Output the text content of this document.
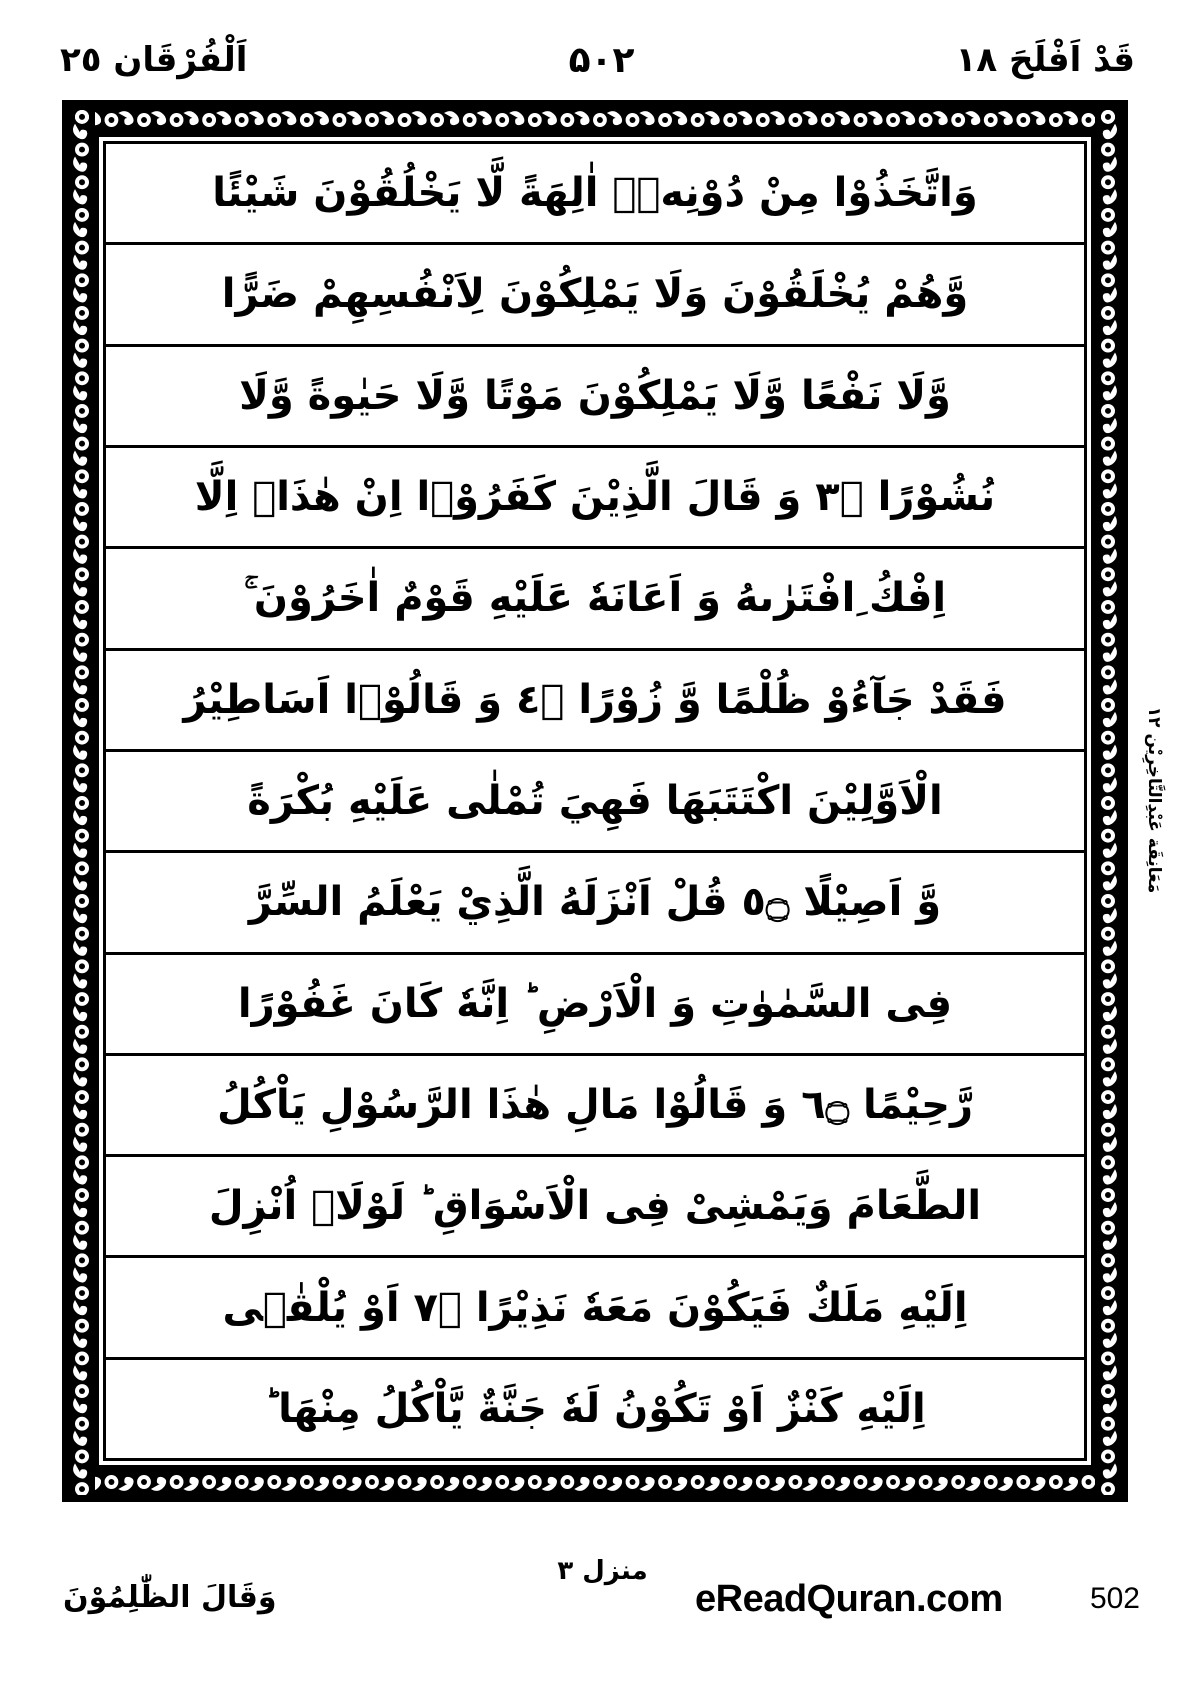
قَدْ اَفْلَحَ ١٨
۵۰۲
اَلْفُرْقَان ٢٥
وَاتَّخَذُوْا مِنْ دُوْنِهٖۤ اٰلِهَةً لَّا يَخْلُقُوْنَ شَيْئًا
وَّهُمْ يُخْلَقُوْنَ وَلَا يَمْلِكُوْنَ لِاَنْفُسِهِمْ ضَرًّا
وَّلَا نَفْعًا وَّلَا يَمْلِكُوْنَ مَوْتًا وَّلَا حَيٰوةً وَّلَا
نُشُوْرًا ۝٣ وَ قَالَ الَّذِيْنَ كَفَرُوْۤا اِنْ هٰذَاۤ اِلَّا
اِفْكُ ِافْتَرٰىهُ وَ اَعَانَهٗ عَلَيْهِ قَوْمٌ اٰخَرُوْنَ ۚ
فَقَدْ جَآءُوْ ظُلْمًا وَّ زُوْرًا ۝٤ وَ قَالُوْۤا اَسَاطِيْرُ
الْاَوَّلِيْنَ اكْتَتَبَهَا فَهِيَ تُمْلٰى عَلَيْهِ بُكْرَةً
وَّ اَصِيْلًا ۝٥ قُلْ اَنْزَلَهُ الَّذِيْ يَعْلَمُ السِّرَّ
فِى السَّمٰوٰتِ وَ الْاَرْضِ ؕ اِنَّهٗ كَانَ غَفُوْرًا
رَّحِيْمًا ۝٦ وَ قَالُوْا مَالِ هٰذَا الرَّسُوْلِ يَاْكُلُ
الطَّعَامَ وَيَمْشِىْ فِى الْاَسْوَاقِ ؕ لَوْلَاۤ اُنْزِلَ
اِلَيْهِ مَلَكٌ فَيَكُوْنَ مَعَهٗ نَذِيْرًا ۝٧ اَوْ يُلْقٰۤى
اِلَيْهِ كَنْزٌ اَوْ تَكُوْنُ لَهٗ جَنَّةٌ يَّاْكُلُ مِنْهَا ؕ
مَعَانِقَة عَبْدِالتَّاخِرِيْن ١٢
منزل ٣
وَقَالَ الظّٰلِمُوْنَ	eReadQuran.com	502
